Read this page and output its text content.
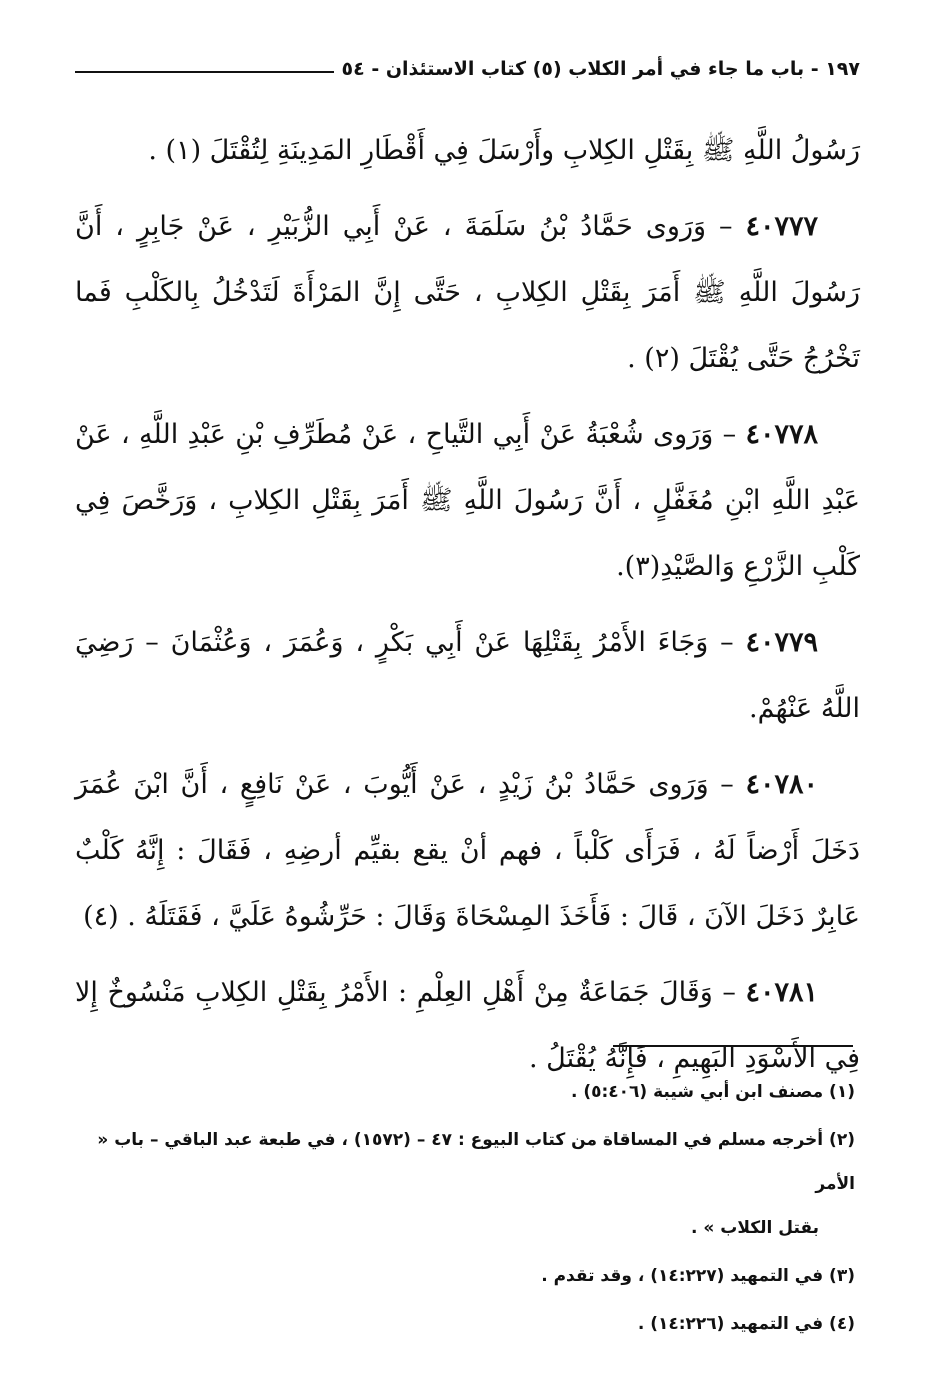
١٩٧ - باب ما جاء في أمر الكلاب (٥) كتاب الاستئذان - ٥٤

رَسُولُ اللَّهِ ﷺ بِقَتْلِ الكِلابِ وأَرْسَلَ فِي أَقْطَارِ المَدِينَةِ لِتُقْتَلَ (١) .

٤٠٧٧٧ – وَرَوى حَمَّادُ بْنُ سَلَمَةَ ، عَنْ أَبِي الزُّبَيْرِ ، عَنْ جَابِرٍ ، أَنَّ رَسُولَ اللَّهِ ﷺ أَمَرَ بِقَتْلِ الكِلابِ ، حَتَّى إِنَّ المَرْأَةَ لَتَدْخُلُ بِالكَلْبِ فَما تَخْرُجُ حَتَّى يُقْتَلَ (٢) .

٤٠٧٧٨ – وَرَوى شُعْبَةُ عَنْ أَبِي التَّياحِ ، عَنْ مُطَرِّفِ بْنِ عَبْدِ اللَّهِ ، عَنْ عَبْدِ اللَّهِ ابْنِ مُغَفَّلٍ ، أَنَّ رَسُولَ اللَّهِ ﷺ أَمَرَ بِقَتْلِ الكِلابِ ، وَرَخَّصَ فِي كَلْبِ الزَّرْعِ وَالصَّيْدِ(٣).

٤٠٧٧٩ – وَجَاءَ الأَمْرُ بِقَتْلِهَا عَنْ أَبِي بَكْرٍ ، وَعُمَرَ ، وَعُثْمَانَ – رَضِيَ اللَّهُ عَنْهُمْ.

٤٠٧٨٠ – وَرَوى حَمَّادُ بْنُ زَيْدٍ ، عَنْ أَيُّوبَ ، عَنْ نَافِعٍ ، أَنَّ ابْنَ عُمَرَ دَخَلَ أَرْضاً لَهُ ، فَرَأَى كَلْباً ، فهم أنْ يقع بقيِّم أرضِهِ ، فَقَالَ : إِنَّهُ كَلْبٌ عَابِرٌ دَخَلَ الآنَ ، قَالَ : فَأَخَذَ المِسْحَاةَ وَقَالَ : حَرِّشُوهُ عَلَيَّ ، فَقَتَلَهُ . (٤)

٤٠٧٨١ – وَقَالَ جَمَاعَةٌ مِنْ أَهْلِ العِلْمِ : الأَمْرُ بِقَتْلِ الكِلابِ مَنْسُوخٌ إِلا فِي الأَسْوَدِ البَهِيمِ ، فَإِنَّهُ يُقْتَلُ .

(١) مصنف ابن أبي شيبة (٥:٤٠٦) .

(٢) أخرجه مسلم في المساقاة من كتاب البيوع : ٤٧ – (١٥٧٢) ، في طبعة عبد الباقي – باب « الأمر
بقتل الكلاب » .

(٣) في التمهيد (١٤:٢٢٧) ، وقد تقدم .

(٤) في التمهيد (١٤:٢٢٦) .
